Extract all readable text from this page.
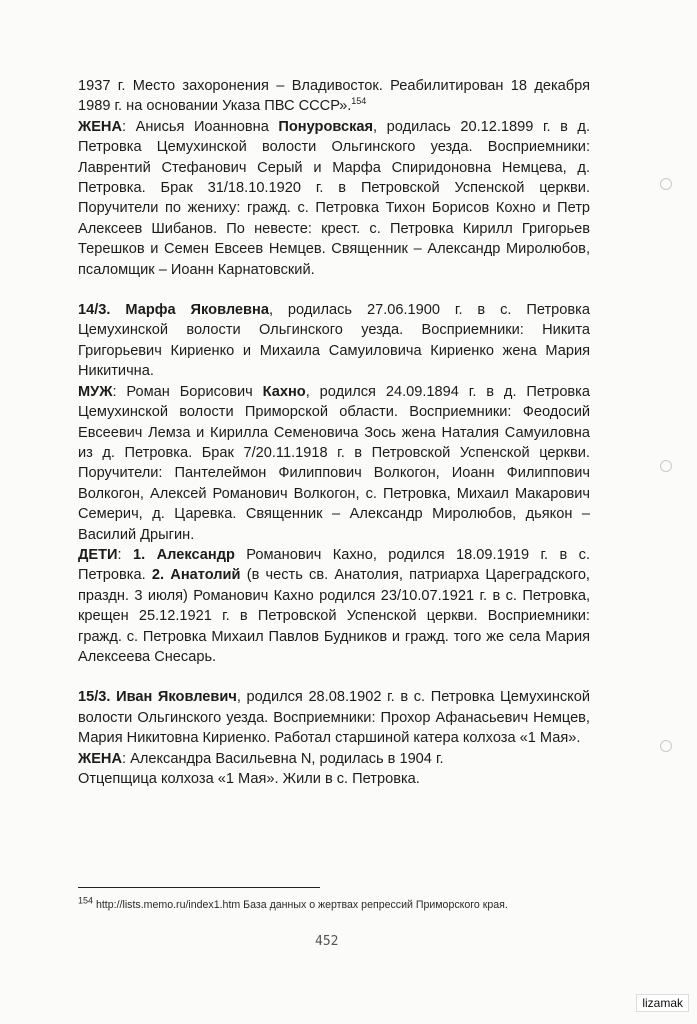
1937 г. Место захоронения – Владивосток. Реабилитирован 18 декабря 1989 г. на основании Указа ПВС СССР».$^{154}$

ЖЕНА: Анисья Иоанновна Понуровская, родилась 20.12.1899 г. в д. Петровка Цемухинской волости Ольгинского уезда. Восприемники: Лаврентий Стефанович Серый и Марфа Спиридоновна Немцева, д. Петровка. Брак 31/18.10.1920 г. в Петровской Успенской церкви. Поручители по жениху: гражд. с. Петровка Тихон Борисов Кохно и Петр Алексеев Шибанов. По невесте: крест. с. Петровка Кирилл Григорьев Терешков и Семен Евсеев Немцев. Священник – Александр Миролюбов, псаломщик – Иоанн Карнатовский.

14/3. Марфа Яковлевна, родилась 27.06.1900 г. в с. Петровка Цемухинской волости Ольгинского уезда. Восприемники: Никита Григорьевич Кириенко и Михаила Самуиловича Кириенко жена Мария Никитична.

МУЖ: Роман Борисович Кахно, родился 24.09.1894 г. в д. Петровка Цемухинской волости Приморской области. Восприемники: Феодосий Евсеевич Лемза и Кирилла Семеновича Зось жена Наталия Самуиловна из д. Петровка. Брак 7/20.11.1918 г. в Петровской Успенской церкви. Поручители: Пантелеймон Филиппович Волкогон, Иоанн Филиппович Волкогон, Алексей Романович Волкогон, с. Петровка, Михаил Макарович Семерич, д. Царевка. Священник – Александр Миролюбов, дьякон – Василий Дрыгин.

ДЕТИ: 1. Александр Романович Кахно, родился 18.09.1919 г. в с. Петровка. 2. Анатолий (в честь св. Анатолия, патриарха Цареградского, праздн. 3 июля) Романович Кахно родился 23/10.07.1921 г. в с. Петровка, крещен 25.12.1921 г. в Петровской Успенской церкви. Восприемники: гражд. с. Петровка Михаил Павлов Будников и гражд. того же села Мария Алексеева Снесарь.

15/3. Иван Яковлевич, родился 28.08.1902 г. в с. Петровка Цемухинской волости Ольгинского уезда. Восприемники: Прохор Афанасьевич Немцев, Мария Никитовна Кириенко. Работал старшиной катера колхоза «1 Мая».

ЖЕНА: Александра Васильевна N, родилась в 1904 г.

Отцепщица колхоза «1 Мая». Жили в с. Петровка.

$^{154}$ http://lists.memo.ru/index1.htm База данных о жертвах репрессий Приморского края.
452
lizamak
